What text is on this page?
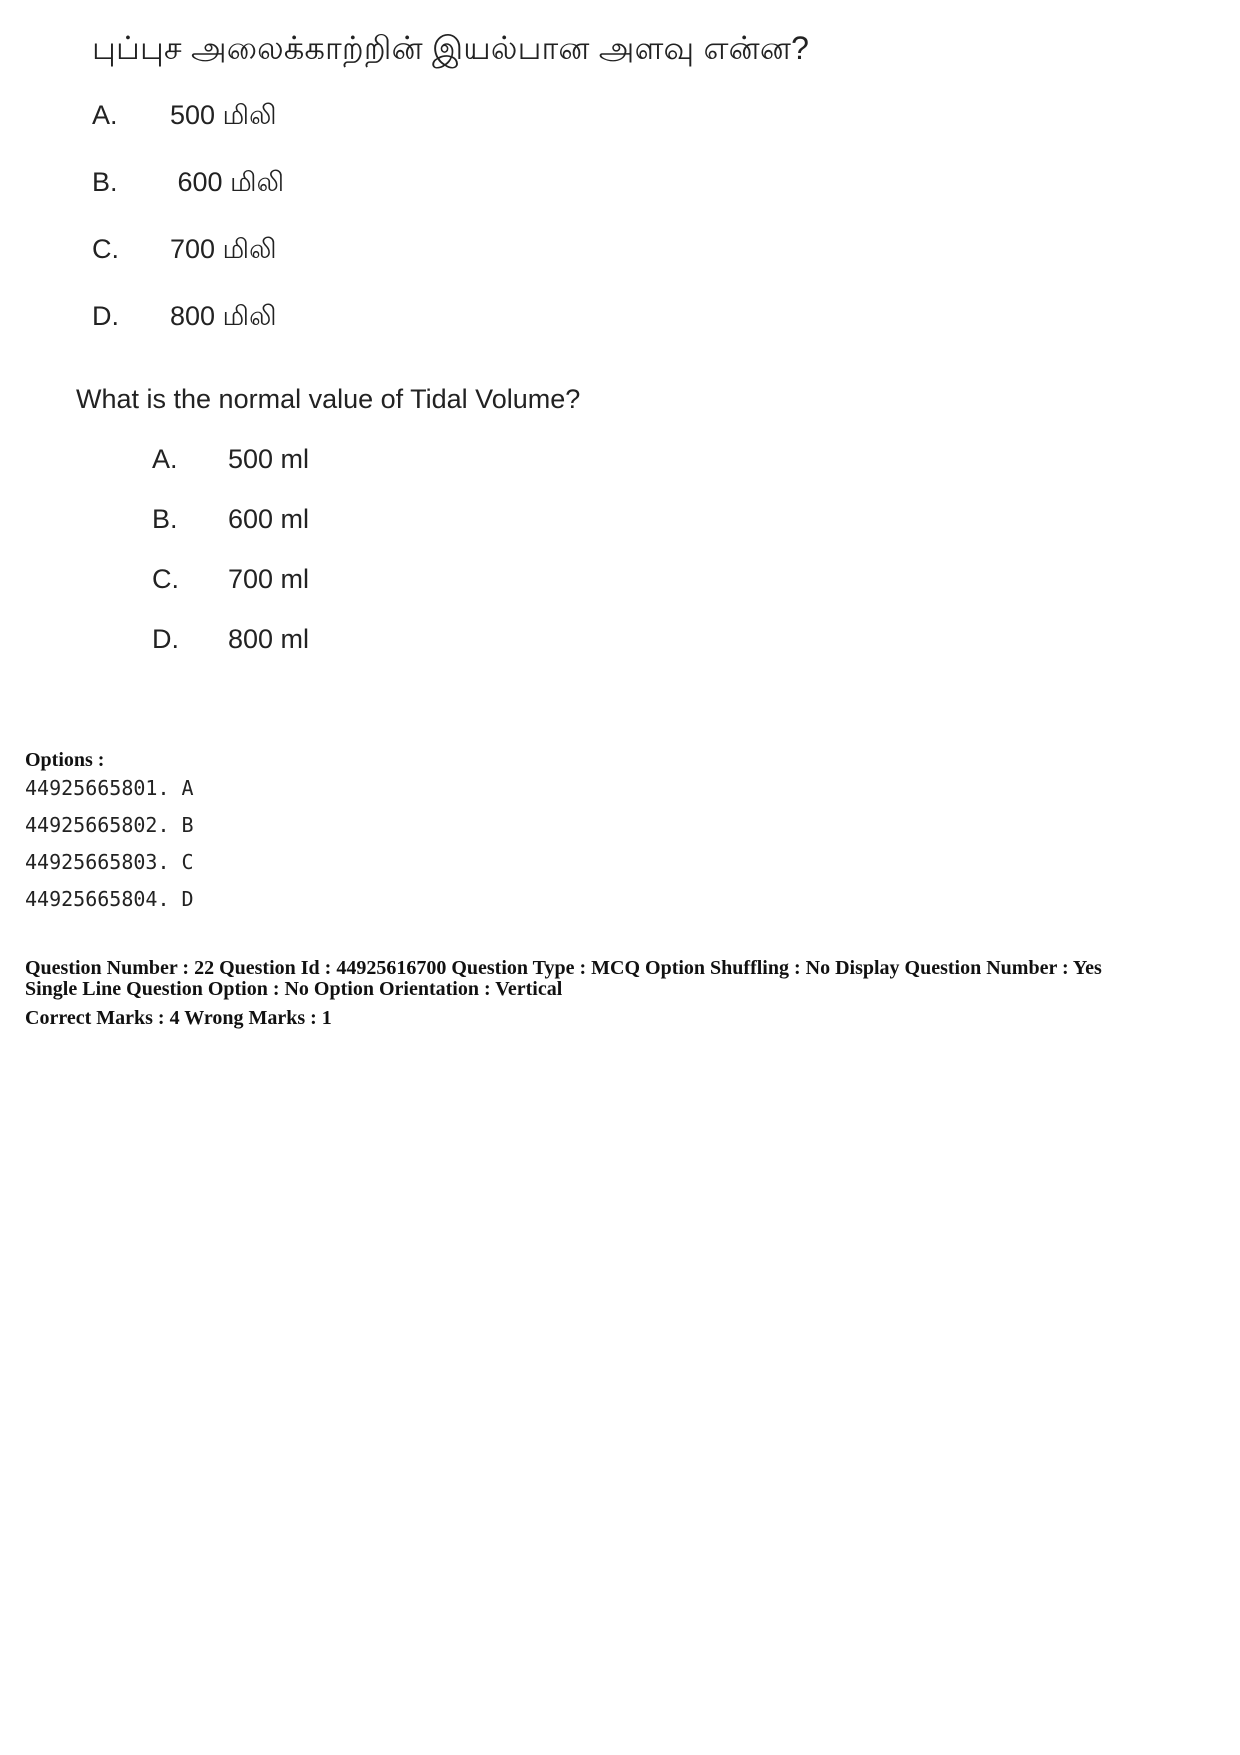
புப்புச அலைக்காற்றின் இயல்பான அளவு என்ன?
A. 500 மிலி
B. 600 மிலி
C. 700 மிலி
D. 800 மிலி
What is the normal value of Tidal Volume?
A. 500 ml
B. 600 ml
C. 700 ml
D. 800 ml
Options :
44925665801. A
44925665802. B
44925665803. C
44925665804. D
Question Number : 22 Question Id : 44925616700 Question Type : MCQ Option Shuffling : No Display Question Number : Yes
Single Line Question Option : No Option Orientation : Vertical
Correct Marks : 4 Wrong Marks : 1
